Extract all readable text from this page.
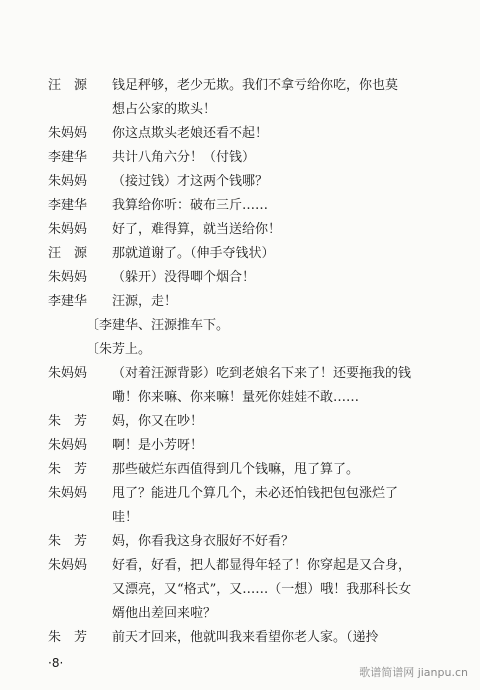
汪　源	钱足秤够，老少无欺。我们不拿亏给你吃，你也莫
想占公家的欺头！
朱妈妈	你这点欺头老娘还看不起！
李建华	共计八角六分！（付钱）
朱妈妈	（接过钱）才这两个钱哪？
李建华	我算给你听：破布三斤……
朱妈妈	好了，难得算，就当送给你！
汪　源	那就道谢了。（伸手夺钱状）
朱妈妈	（躲开）没得唧个烟合！
李建华	汪源，走！
〔李建华、汪源推车下。
〔朱芳上。
朱妈妈	（对着汪源背影）吃到老娘名下来了！还要拖我的钱
嘞！你来嘛、你来嘛！量死你娃娃不敢……
朱　芳	妈，你又在吵！
朱妈妈	啊！是小芳呀！
朱　芳	那些破烂东西值得到几个钱嘛，甩了算了。
朱妈妈	甩了？能进几个算几个，未必还怕钱把包包涨烂了
哇！
朱　芳	妈，你看我这身衣服好不好看？
朱妈妈	好看，好看，把人都显得年轻了！你穿起是又合身，
又漂亮，又“格式”，又……（一想）哦！我那科长女
婿他出差回来啦？
朱　芳	前天才回来，他就叫我来看望你老人家。（递拎
·8·
歌谱简谱网 jianpu.cn
